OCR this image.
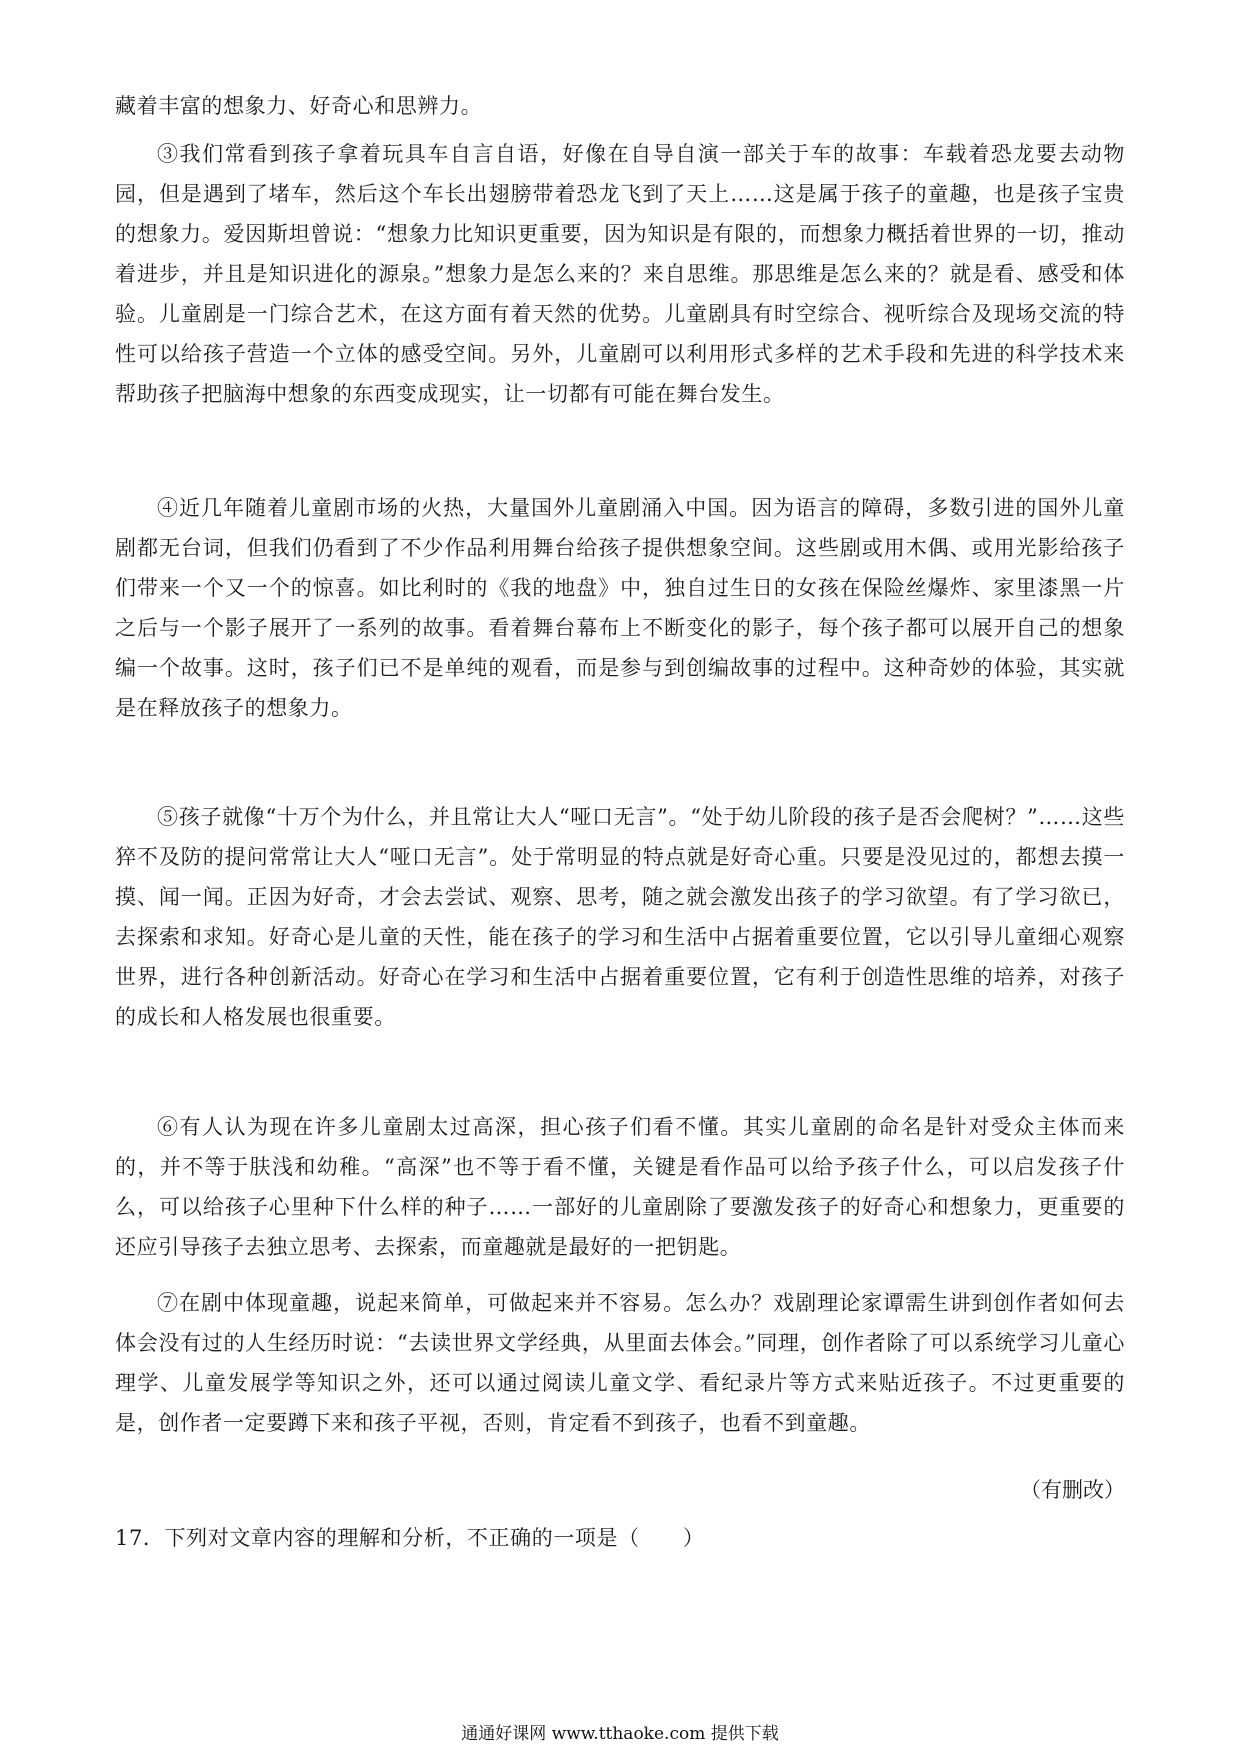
藏着丰富的想象力、好奇心和思辨力。

③我们常看到孩子拿着玩具车自言自语，好像在自导自演一部关于车的故事：车载着恐龙要去动物园，但是遇到了堵车，然后这个车长出翅膀带着恐龙飞到了天上……这是属于孩子的童趣，也是孩子宝贵的想象力。爱因斯坦曾说：“想象力比知识更重要，因为知识是有限的，而想象力概括着世界的一切，推动着进步，并且是知识进化的源泉。”想象力是怎么来的？来自思维。那思维是怎么来的？就是看、感受和体验。儿童剧是一门综合艺术，在这方面有着天然的优势。儿童剧具有时空综合、视听综合及现场交流的特性可以给孩子营造一个立体的感受空间。另外，儿童剧可以利用形式多样的艺术手段和先进的科学技术来帮助孩子把脑海中想象的东西变成现实，让一切都有可能在舞台发生。

④近几年随着儿童剧市场的火热，大量国外儿童剧涌入中国。因为语言的障碍，多数引进的国外儿童剧都无台词，但我们仍看到了不少作品利用舞台给孩子提供想象空间。这些剧或用木偶、或用光影给孩子们带来一个又一个的惊喜。如比利时的《我的地盘》中，独自过生日的女孩在保险丝爆炸、家里漆黑一片之后与一个影子展开了一系列的故事。看着舞台幕布上不断变化的影子，每个孩子都可以展开自己的想象编一个故事。这时，孩子们已不是单纯的观看，而是参与到创编故事的过程中。这种奇妙的体验，其实就是在释放孩子的想象力。

⑤孩子就像“十万个为什么，并且常让大人“哑口无言”。“处于幼儿阶段的孩子是否会爬树？”……这些猝不及防的提问常常让大人“哑口无言”。处于常明显的特点就是好奇心重。只要是没见过的，都想去摸一摸、闻一闻。正因为好奇，才会去尝试、观察、思考，随之就会激发出孩子的学习欲望。有了学习欲已，去探索和求知。好奇心是儿童的天性，能在孩子的学习和生活中占据着重要位置，它以引导儿童细心观察世界，进行各种创新活动。好奇心在学习和生活中占据着重要位置，它有利于创造性思维的培养，对孩子的成长和人格发展也很重要。

⑥有人认为现在许多儿童剧太过高深，担心孩子们看不懂。其实儿童剧的命名是针对受众主体而来的，并不等于肤浅和幼稚。“高深”也不等于看不懂，关键是看作品可以给予孩子什么，可以启发孩子什么，可以给孩子心里种下什么样的种子……一部好的儿童剧除了要激发孩子的好奇心和想象力，更重要的还应引导孩子去独立思考、去探索，而童趣就是最好的一把钥匙。

⑦在剧中体现童趣，说起来简单，可做起来并不容易。怎么办？戏剧理论家谭需生讲到创作者如何去体会没有过的人生经历时说：“去读世界文学经典，从里面去体会。”同理，创作者除了可以系统学习儿童心理学、儿童发展学等知识之外，还可以通过阅读儿童文学、看纪录片等方式来贴近孩子。不过更重要的是，创作者一定要蹲下来和孩子平视，否则，肯定看不到孩子，也看不到童趣。

（有删改）

17．下列对文章内容的理解和分析，不正确的一项是（　　）

通通好课网 www.tthaoke.com 提供下载
